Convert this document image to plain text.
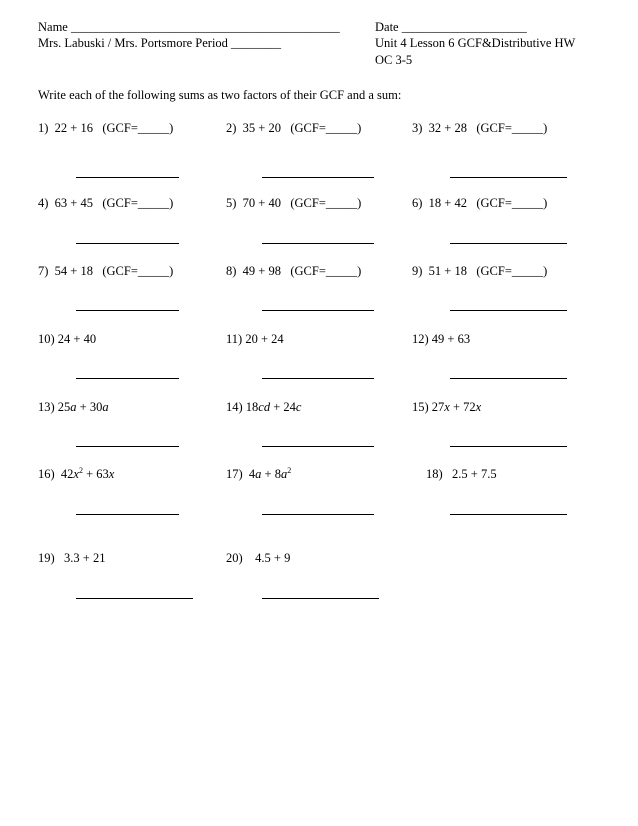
Name ___________________________________________
Mrs. Labuski / Mrs. Portsmore Period ________
Date ____________________
Unit 4 Lesson 6 GCF&Distributive HW
OC 3-5
Write each of the following sums as two factors of their GCF and a sum:
1)  22 + 16   (GCF=_____)	2)  35 + 20   (GCF=_____)	3)  32 + 28   (GCF=_____)
4)  63 + 45   (GCF=_____)	5)  70 + 40   (GCF=_____)	6)  18 + 42   (GCF=_____)
7)  54 + 18   (GCF=_____)	8)  49 + 98   (GCF=_____)	9)  51 + 18   (GCF=_____)
10) 24 + 40	11) 20 + 24	12) 49 + 63
13) 25a + 30a	14) 18cd + 24c	15) 27x + 72x
16)  $42x^2 + 63x$	17)  $4a + 8a^2$	18)   2.5 + 7.5
19)   3.3 + 21	20)    4.5 + 9
